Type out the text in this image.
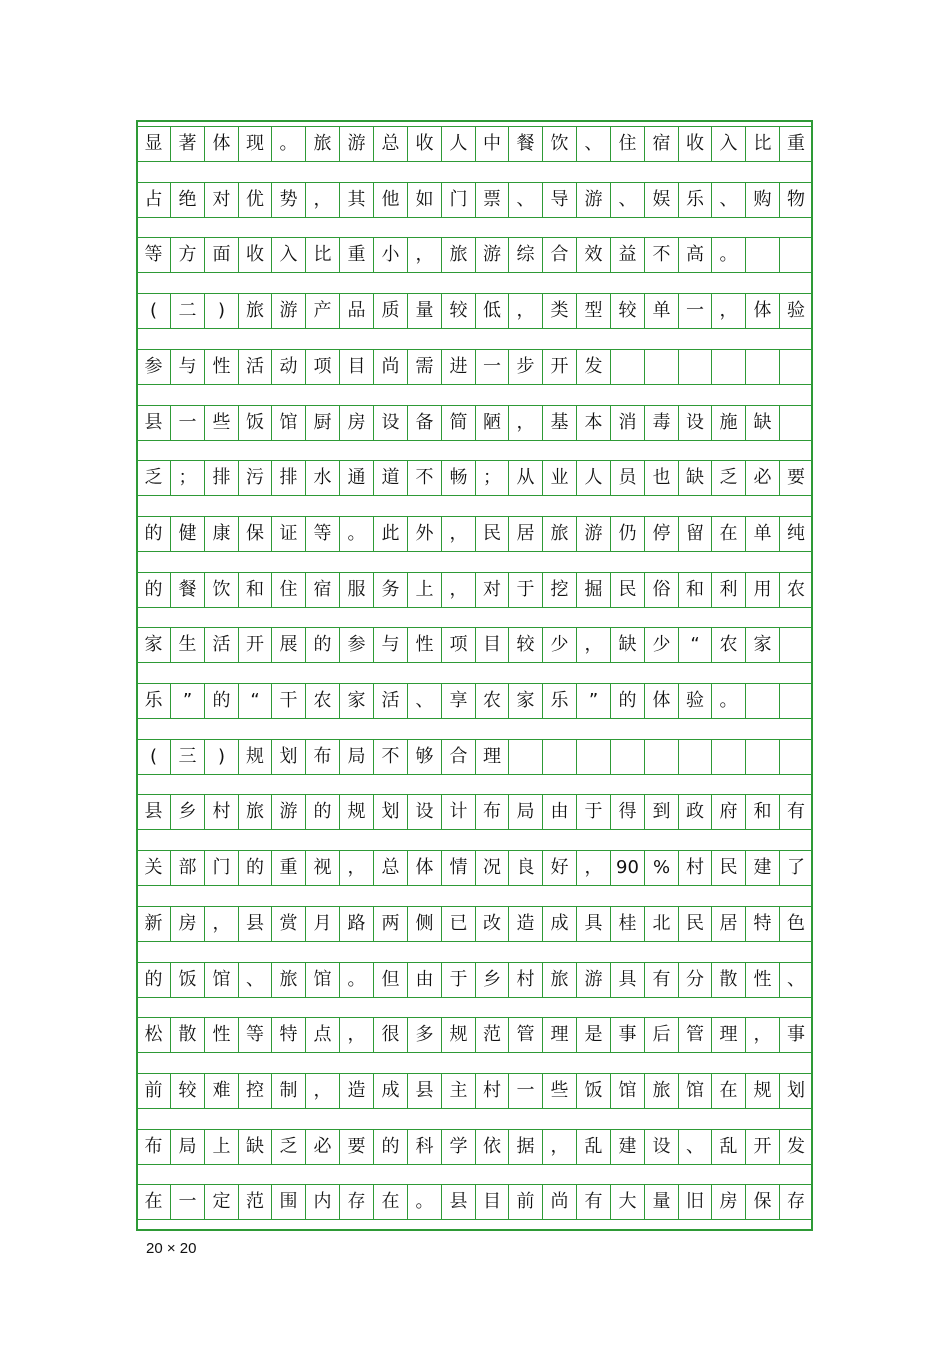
显 著 体 现 。 旅 游 总 收 人 中 餐 饮 、 住 宿 收 入 比 重
占 绝 对 优 势 ， 其 他 如 门 票 、 导 游 、 娱 乐 、 购 物
等 方 面 收 入 比 重 小 ， 旅 游 综 合 效 益 不 高 。
(	二	)	旅 游 产 品 质 量 较 低 ， 类 型 较 单 一 ， 体 验
参 与 性 活 动 项 目 尚 需 进 一 步 开 发
县 一 些 饭 馆 厨 房 设 备 简 陋 ， 基 本 消 毒 设 施 缺
乏 ； 排 污 排 水 通 道 不 畅 ； 从 业 人 员 也 缺 乏 必 要
的 健 康 保 证 等 。 此 外 ， 民 居 旅 游 仍 停 留 在 单 纯
的 餐 饮 和 住 宿 服 务 上 ， 对 于 挖 掘 民 俗 和 利 用 农
家 生 活 开 展 的 参 与 性 项 目 较 少 ， 缺 少	“	农 家
乐	”	的	“	干 农 家 活 、 享 农 家 乐	”	的 体 验 。
(	三	)	规 划 布 局 不 够 合 理
县 乡 村 旅 游 的 规 划 设 计 布 局 由 于 得 到 政 府 和 有
关 部 门 的 重 视 ， 总 体 情 况 良 好 ， 90 % 村 民 建 了
新 房 ， 县 赏 月 路 两 侧 已 改 造 成 具 桂 北 民 居 特 色
的 饭 馆 、 旅 馆 。 但 由 于 乡 村 旅 游 具 有 分 散 性 、
松 散 性 等 特 点 ， 很 多 规 范 管 理 是 事 后 管 理 ， 事
前 较 难 控 制 ， 造 成 县 主 村 一 些 饭 馆 旅 馆 在 规 划
布 局 上 缺 乏 必 要 的 科 学 依 据 ， 乱 建 设 、 乱 开 发
在 一 定 范 围 内 存 在 。 县 目 前 尚 有 大 量 旧 房 保 存
20 × 20
